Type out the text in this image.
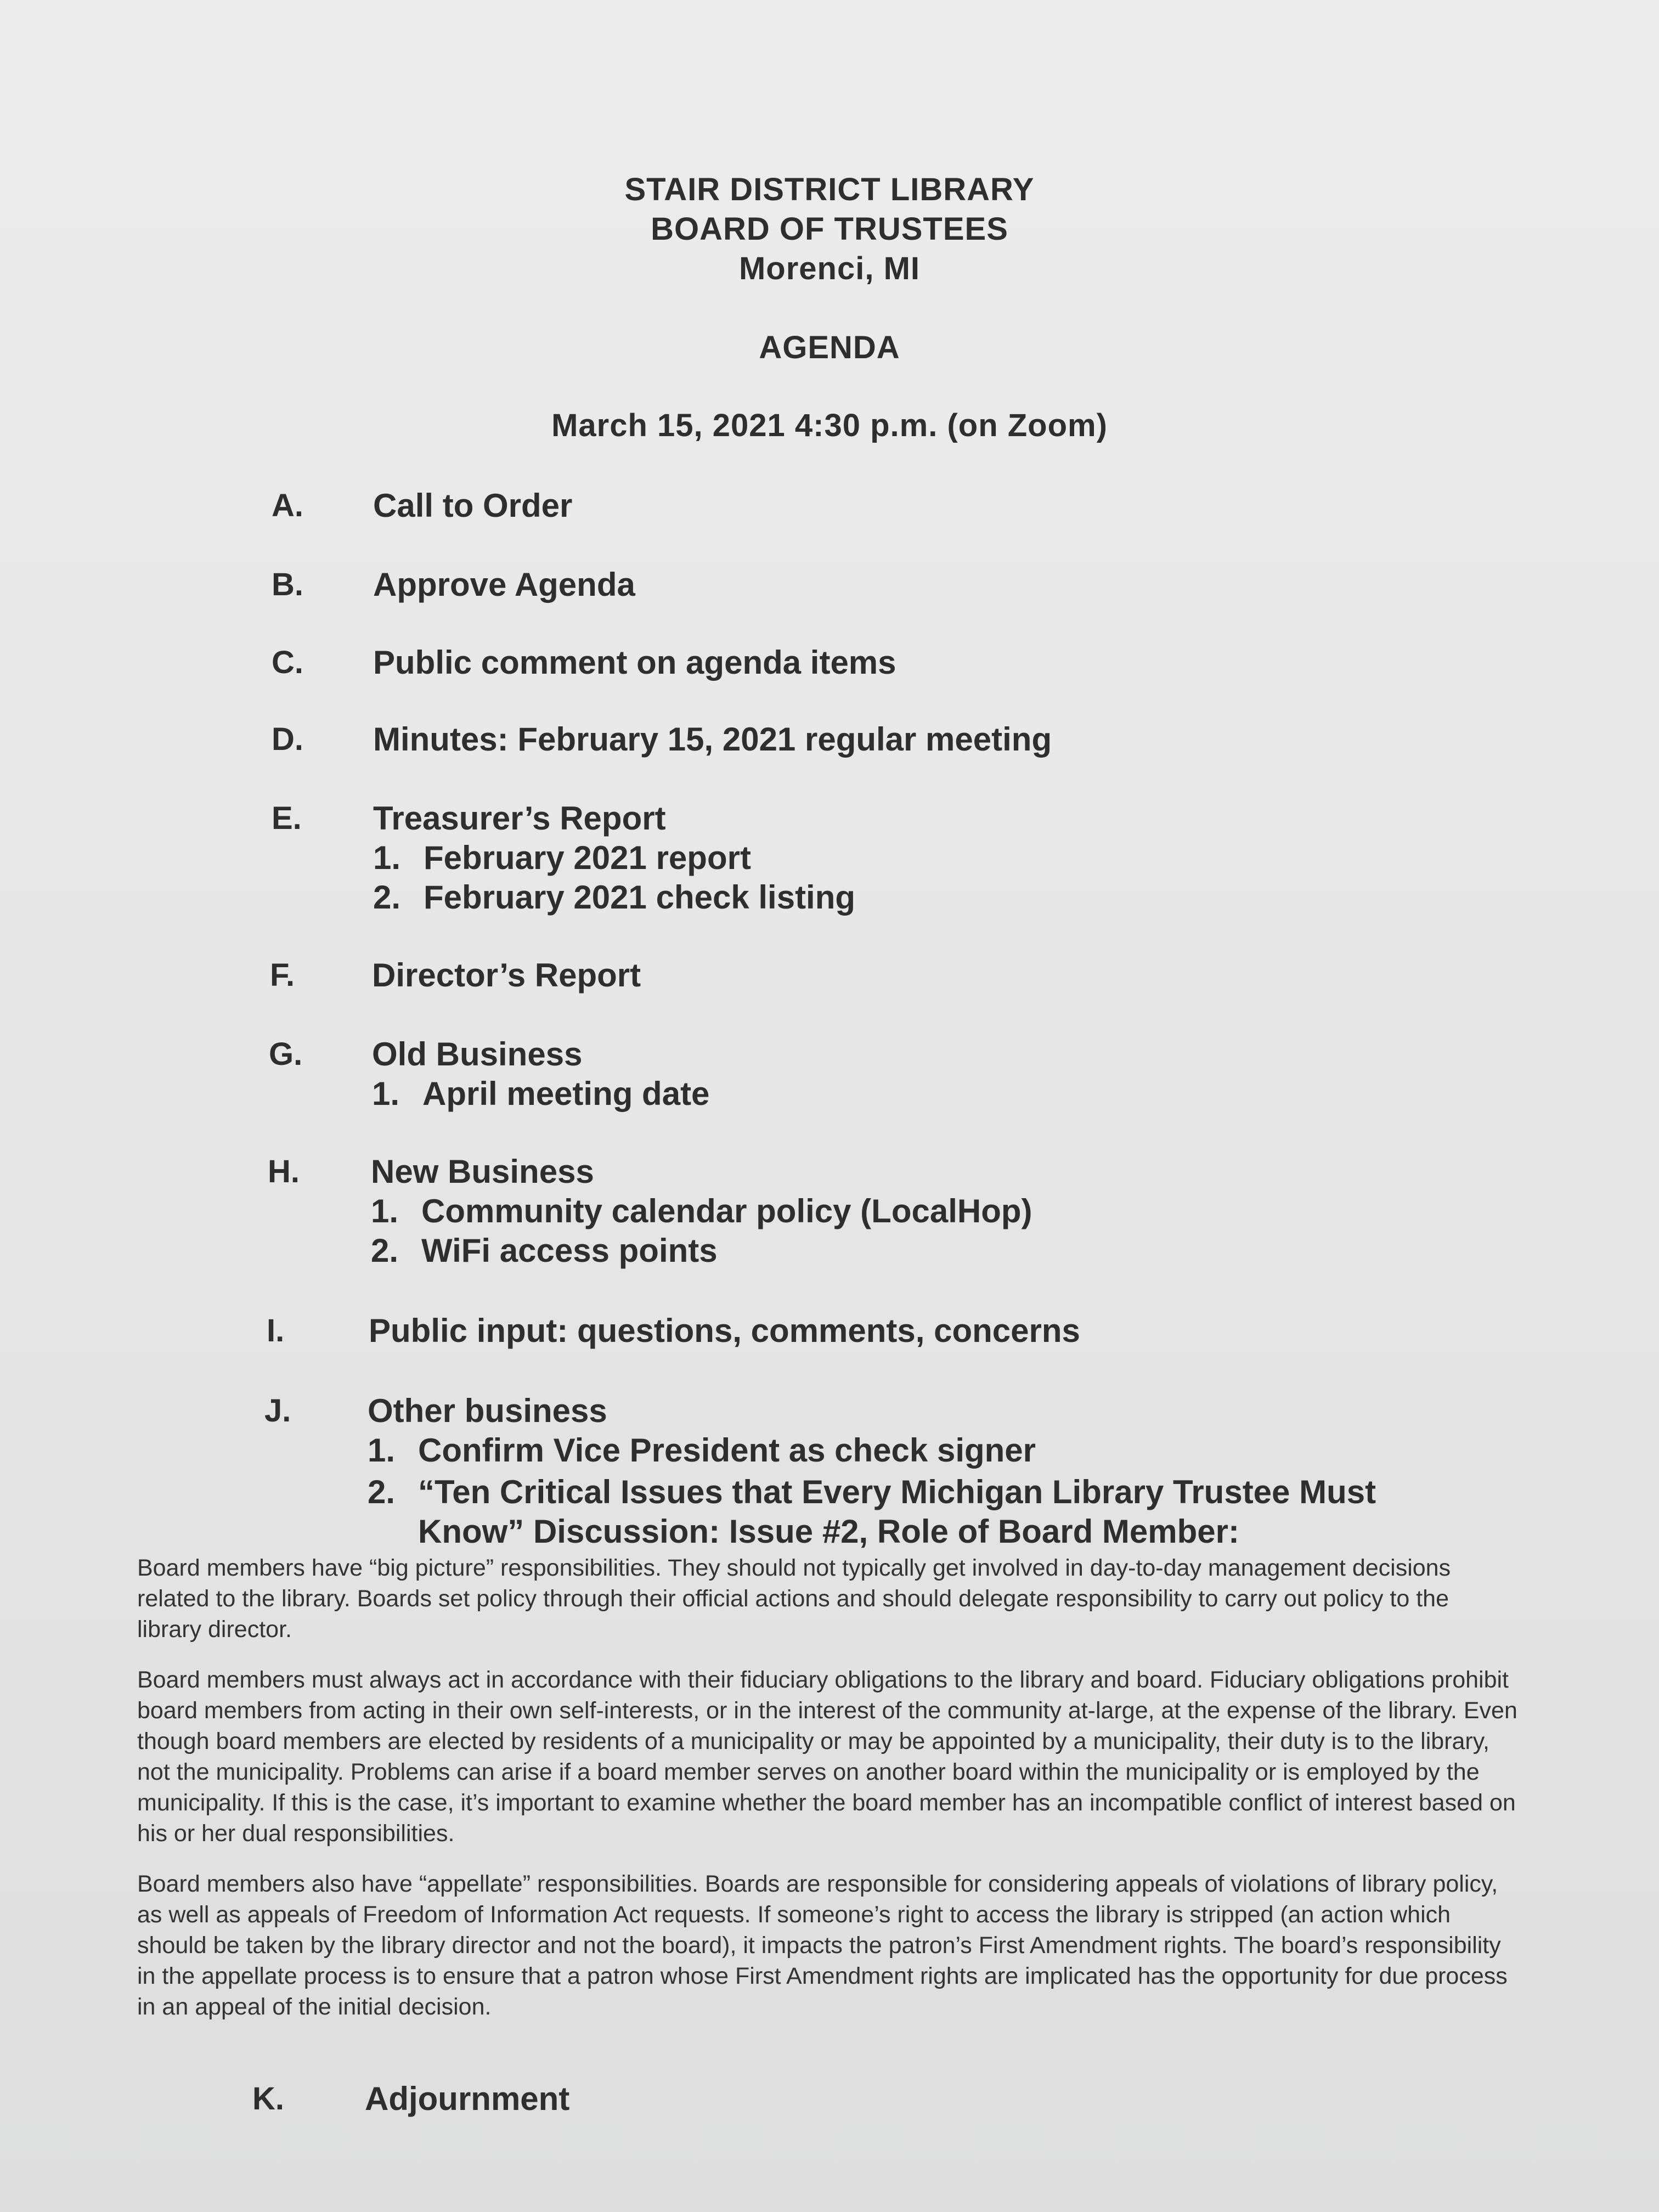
STAIR DISTRICT LIBRARY
BOARD OF TRUSTEES
Morenci, MI
AGENDA
March 15, 2021 4:30 p.m. (on Zoom)
A. Call to Order
B. Approve Agenda
C. Public comment on agenda items
D. Minutes: February 15, 2021 regular meeting
E. Treasurer’s Report
1. February 2021 report
2. February 2021 check listing
F. Director’s Report
G. Old Business
1. April meeting date
H. New Business
1. Community calendar policy (LocalHop)
2. WiFi access points
I.	Public input: questions, comments, concerns
J. Other business
1. Confirm Vice President as check signer
2. “Ten Critical Issues that Every Michigan Library Trustee Must
Know” Discussion: Issue #2, Role of Board Member:
Board members have “big picture” responsibilities. They should not typically get involved in day-to-day management decisions related to the library. Boards set policy through their official actions and should delegate responsibility to carry out policy to the library director.
Board members must always act in accordance with their fiduciary obligations to the library and board. Fiduciary obligations prohibit board members from acting in their own self-interests, or in the interest of the community at-large, at the expense of the library. Even though board members are elected by residents of a municipality or may be appointed by a municipality, their duty is to the library, not the municipality. Problems can arise if a board member serves on another board within the municipality or is employed by the municipality. If this is the case, it’s important to examine whether the board member has an incompatible conflict of interest based on his or her dual responsibilities.
Board members also have “appellate” responsibilities. Boards are responsible for considering appeals of violations of library policy, as well as appeals of Freedom of Information Act requests. If someone’s right to access the library is stripped (an action which should be taken by the library director and not the board), it impacts the patron’s First Amendment rights. The board’s responsibility in the appellate process is to ensure that a patron whose First Amendment rights are implicated has the opportunity for due process in an appeal of the initial decision.
K. Adjournment
